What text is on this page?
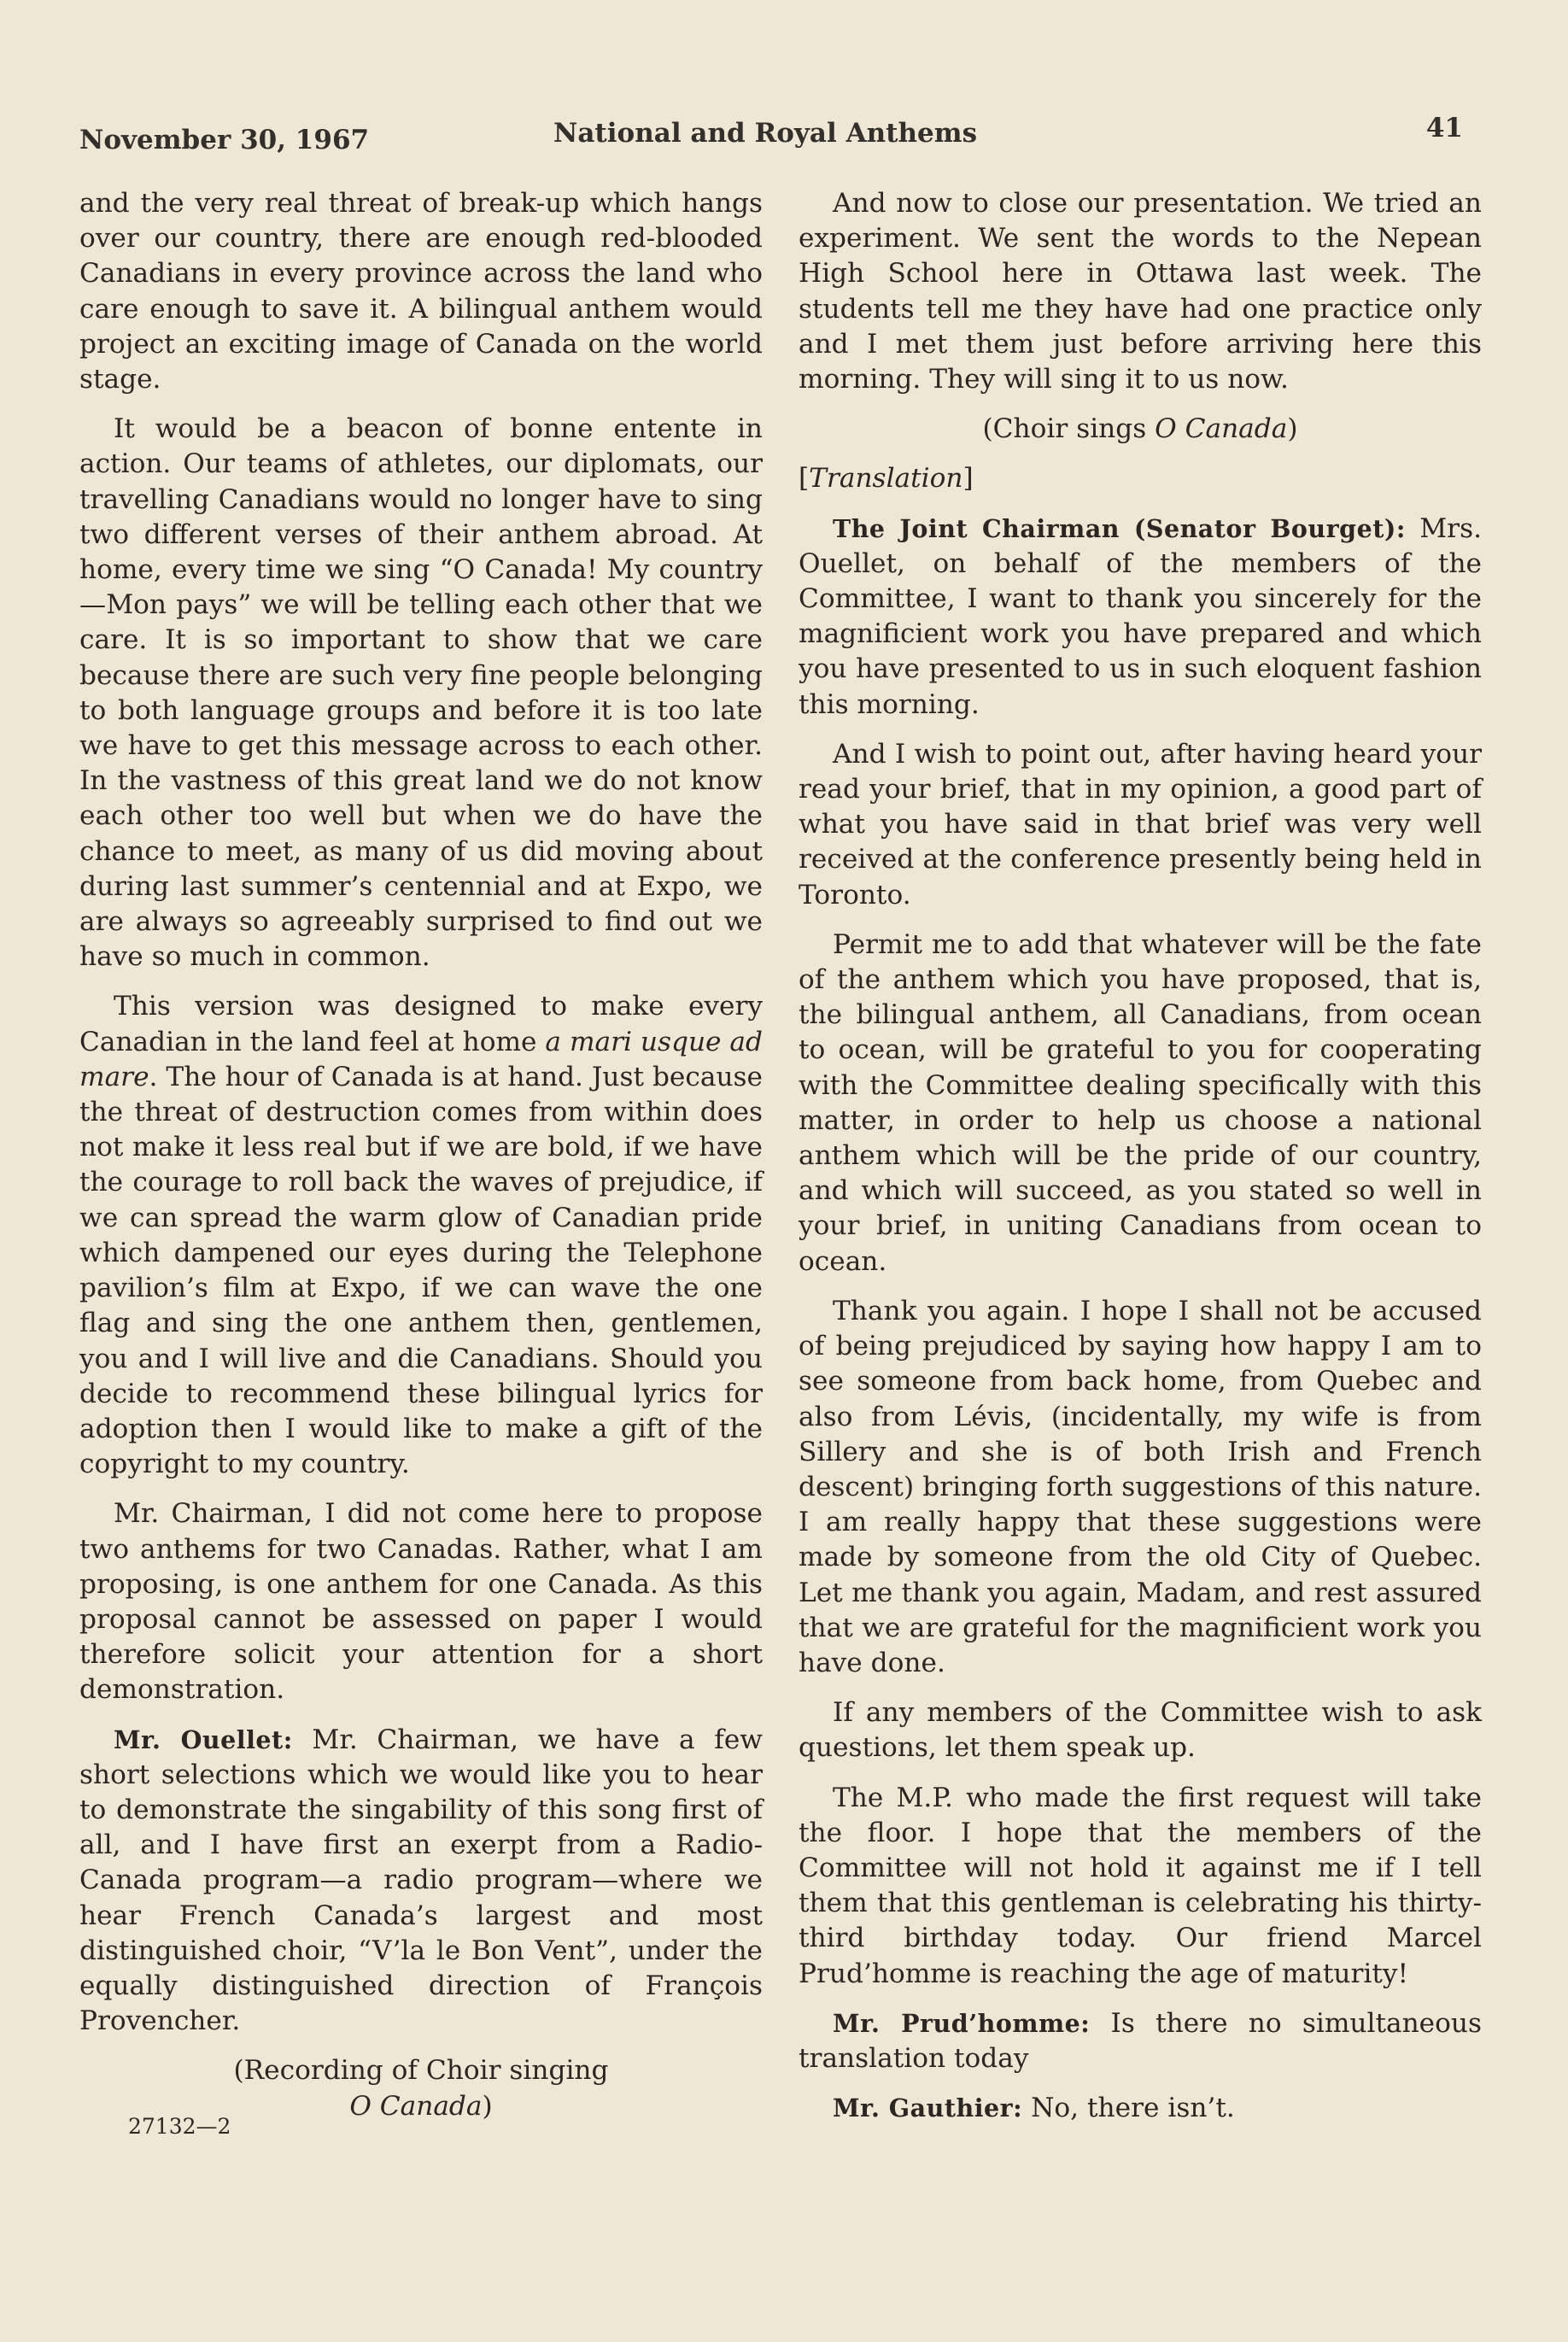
November 30, 1967	National and Royal Anthems	41

and the very real threat of break-up which hangs over our country, there are enough red-blooded Canadians in every province across the land who care enough to save it. A bilingual anthem would project an exciting image of Canada on the world stage.

It would be a beacon of bonne entente in action. Our teams of athletes, our diplomats, our travelling Canadians would no longer have to sing two different verses of their anthem abroad. At home, every time we sing “O Canada! My country—Mon pays” we will be telling each other that we care. It is so important to show that we care because there are such very fine people belonging to both language groups and before it is too late we have to get this message across to each other. In the vastness of this great land we do not know each other too well but when we do have the chance to meet, as many of us did moving about during last summer’s centennial and at Expo, we are always so agreeably surprised to find out we have so much in common.

This version was designed to make every Canadian in the land feel at home a mari usque ad mare. The hour of Canada is at hand. Just because the threat of destruction comes from within does not make it less real but if we are bold, if we have the courage to roll back the waves of prejudice, if we can spread the warm glow of Canadian pride which dampened our eyes during the Telephone pavilion’s film at Expo, if we can wave the one flag and sing the one anthem then, gentlemen, you and I will live and die Canadians. Should you decide to recommend these bilingual lyrics for adoption then I would like to make a gift of the copyright to my country.

Mr. Chairman, I did not come here to propose two anthems for two Canadas. Rather, what I am proposing, is one anthem for one Canada. As this proposal cannot be assessed on paper I would therefore solicit your attention for a short demonstration.

Mr. Ouellet: Mr. Chairman, we have a few short selections which we would like you to hear to demonstrate the singability of this song first of all, and I have first an exerpt from a Radio-Canada program—a radio program—where we hear French Canada’s largest and most distinguished choir, “V’la le Bon Vent”, under the equally distinguished direction of François Provencher.

(Recording of Choir singing
O Canada)

And now to close our presentation. We tried an experiment. We sent the words to the Nepean High School here in Ottawa last week. The students tell me they have had one practice only and I met them just before arriving here this morning. They will sing it to us now.

(Choir sings O Canada)

[Translation]

The Joint Chairman (Senator Bourget): Mrs. Ouellet, on behalf of the members of the Committee, I want to thank you sincerely for the magnificient work you have prepared and which you have presented to us in such eloquent fashion this morning.

And I wish to point out, after having heard your read your brief, that in my opinion, a good part of what you have said in that brief was very well received at the conference presently being held in Toronto.

Permit me to add that whatever will be the fate of the anthem which you have proposed, that is, the bilingual anthem, all Canadians, from ocean to ocean, will be grateful to you for cooperating with the Committee dealing specifically with this matter, in order to help us choose a national anthem which will be the pride of our country, and which will succeed, as you stated so well in your brief, in uniting Canadians from ocean to ocean.

Thank you again. I hope I shall not be accused of being prejudiced by saying how happy I am to see someone from back home, from Quebec and also from Lévis, (incidentally, my wife is from Sillery and she is of both Irish and French descent) bringing forth suggestions of this nature. I am really happy that these suggestions were made by someone from the old City of Quebec. Let me thank you again, Madam, and rest assured that we are grateful for the magnificient work you have done.

If any members of the Committee wish to ask questions, let them speak up.

The M.P. who made the first request will take the floor. I hope that the members of the Committee will not hold it against me if I tell them that this gentleman is celebrating his thirty-third birthday today. Our friend Marcel Prud’homme is reaching the age of maturity!

Mr. Prud’homme: Is there no simultaneous translation today

Mr. Gauthier: No, there isn’t.

27132—2
